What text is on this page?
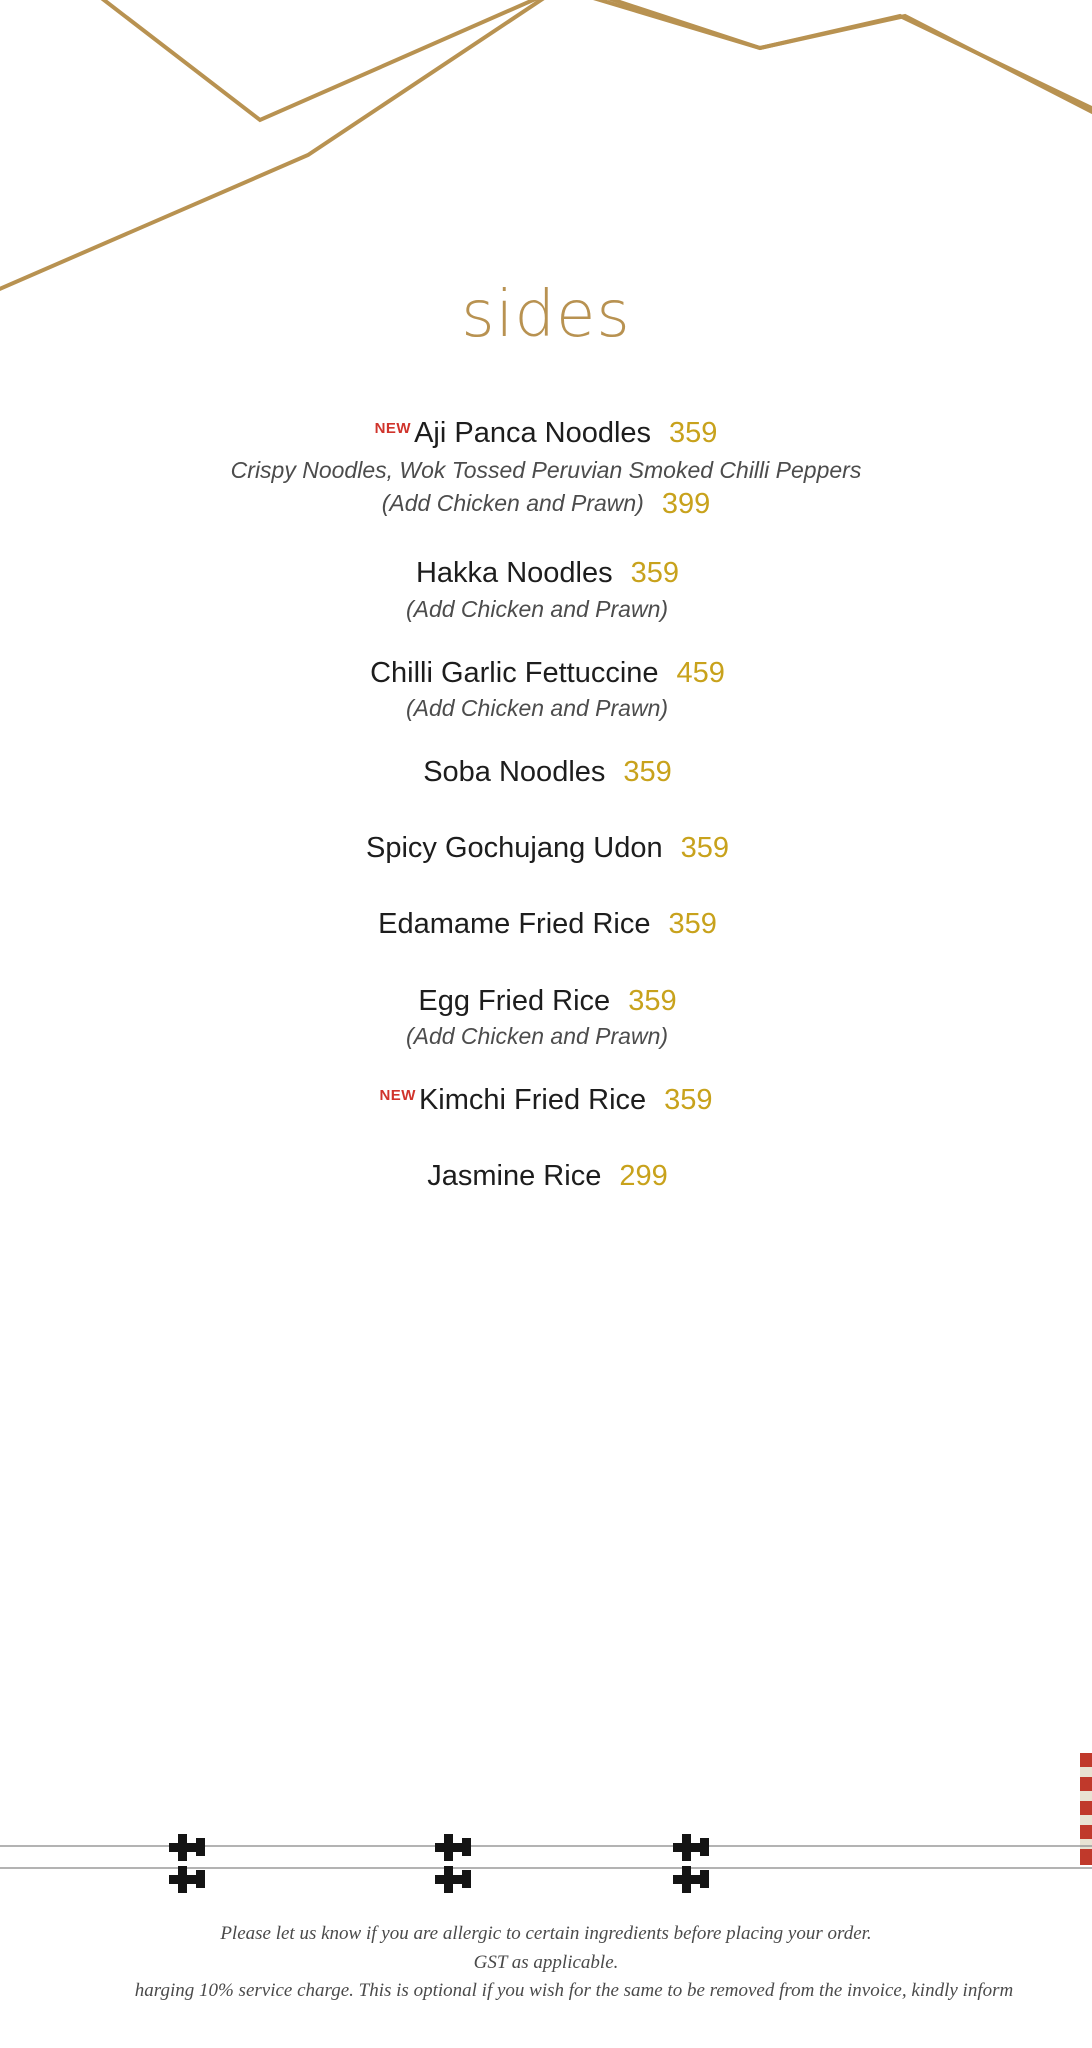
sides
NEW Aji Panca Noodles 359
Crispy Noodles, Wok Tossed Peruvian Smoked Chilli Peppers
(Add Chicken and Prawn) 399
Hakka Noodles 359
(Add Chicken and Prawn)
Chilli Garlic Fettuccine 459
(Add Chicken and Prawn)
Soba Noodles 359
Spicy Gochujang Udon 359
Edamame Fried Rice 359
Egg Fried Rice 359
(Add Chicken and Prawn)
NEW Kimchi Fried Rice 359
Jasmine Rice 299
Please let us know if you are allergic to certain ingredients before placing your order.
GST as applicable.
harging 10% service charge. This is optional if you wish for the same to be removed from the invoice, kindly inform
